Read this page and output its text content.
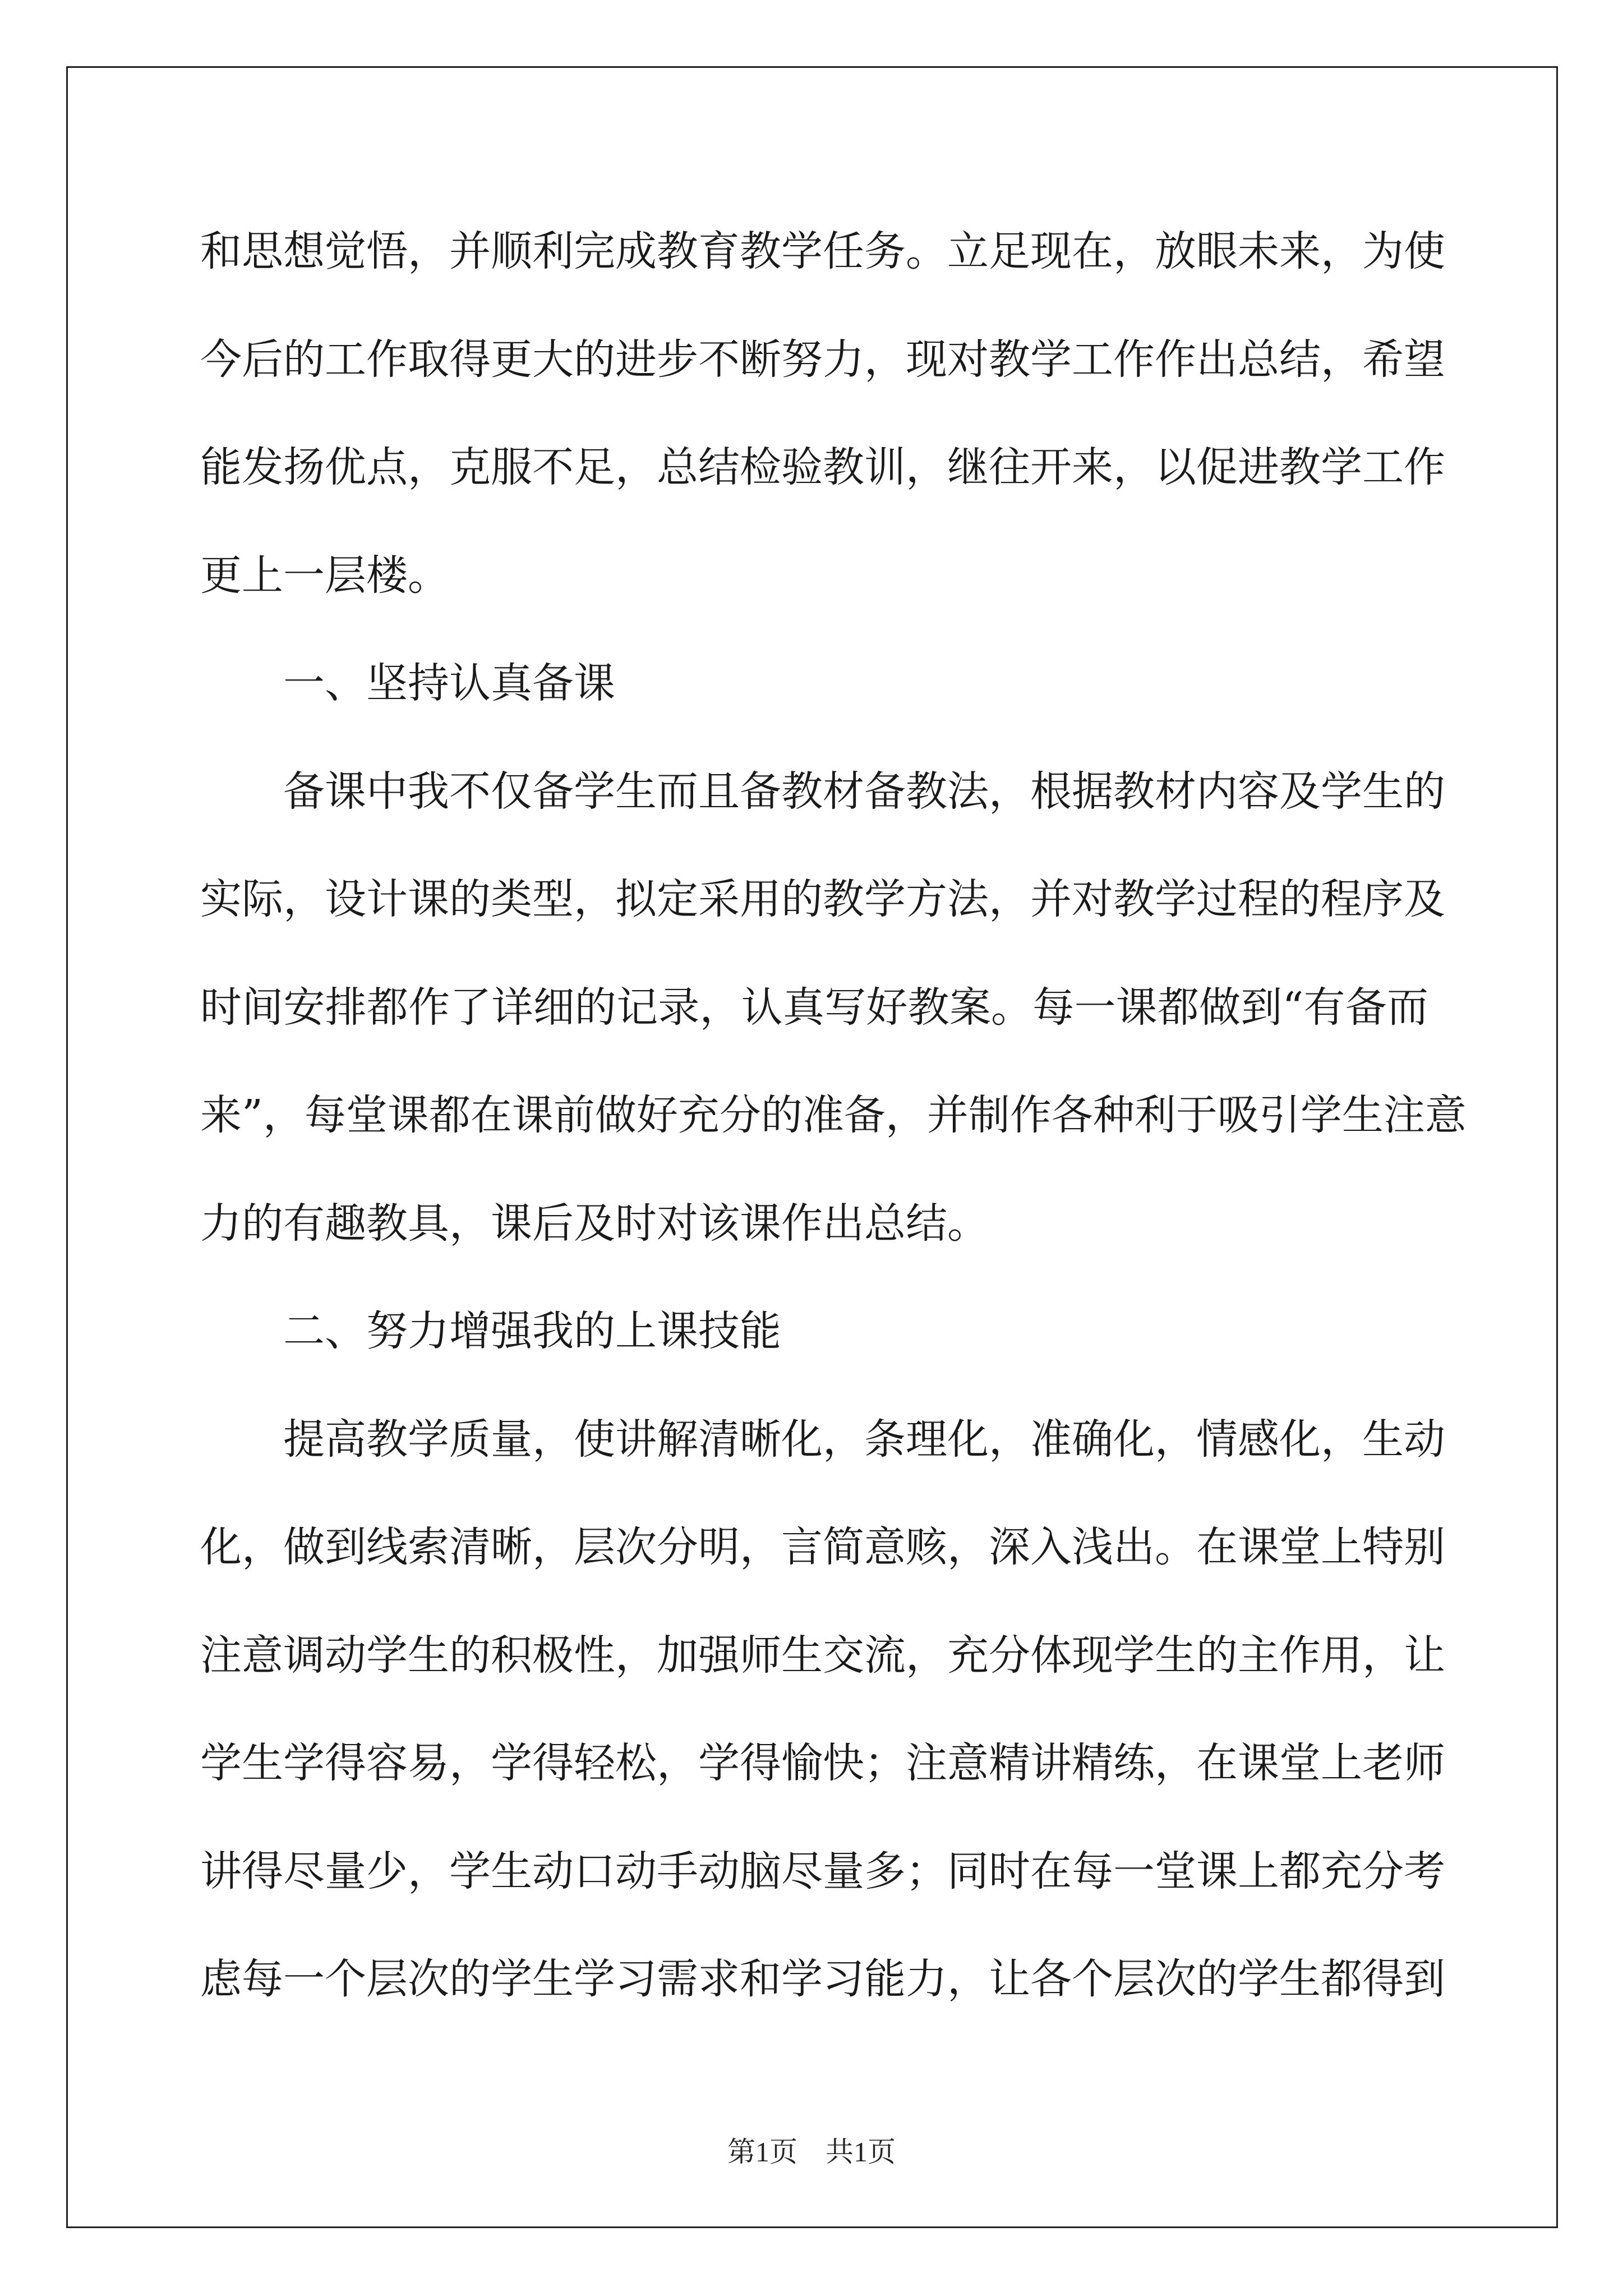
和思想觉悟，并顺利完成教育教学任务。立足现在，放眼未来，为使
今后的工作取得更大的进步不断努力，现对教学工作作出总结，希望
能发扬优点，克服不足，总结检验教训，继往开来，以促进教学工作
更上一层楼。
一、坚持认真备课
备课中我不仅备学生而且备教材备教法，根据教材内容及学生的
实际，设计课的类型，拟定采用的教学方法，并对教学过程的程序及
时间安排都作了详细的记录，认真写好教案。每一课都做到“有备而
来”，每堂课都在课前做好充分的准备，并制作各种利于吸引学生注意
力的有趣教具，课后及时对该课作出总结。
二、努力增强我的上课技能
提高教学质量，使讲解清晰化，条理化，准确化，情感化，生动
化，做到线索清晰，层次分明，言简意赅，深入浅出。在课堂上特别
注意调动学生的积极性，加强师生交流，充分体现学生的主作用，让
学生学得容易，学得轻松，学得愉快；注意精讲精练，在课堂上老师
讲得尽量少，学生动口动手动脑尽量多；同时在每一堂课上都充分考
虑每一个层次的学生学习需求和学习能力，让各个层次的学生都得到
第1页　共1页
